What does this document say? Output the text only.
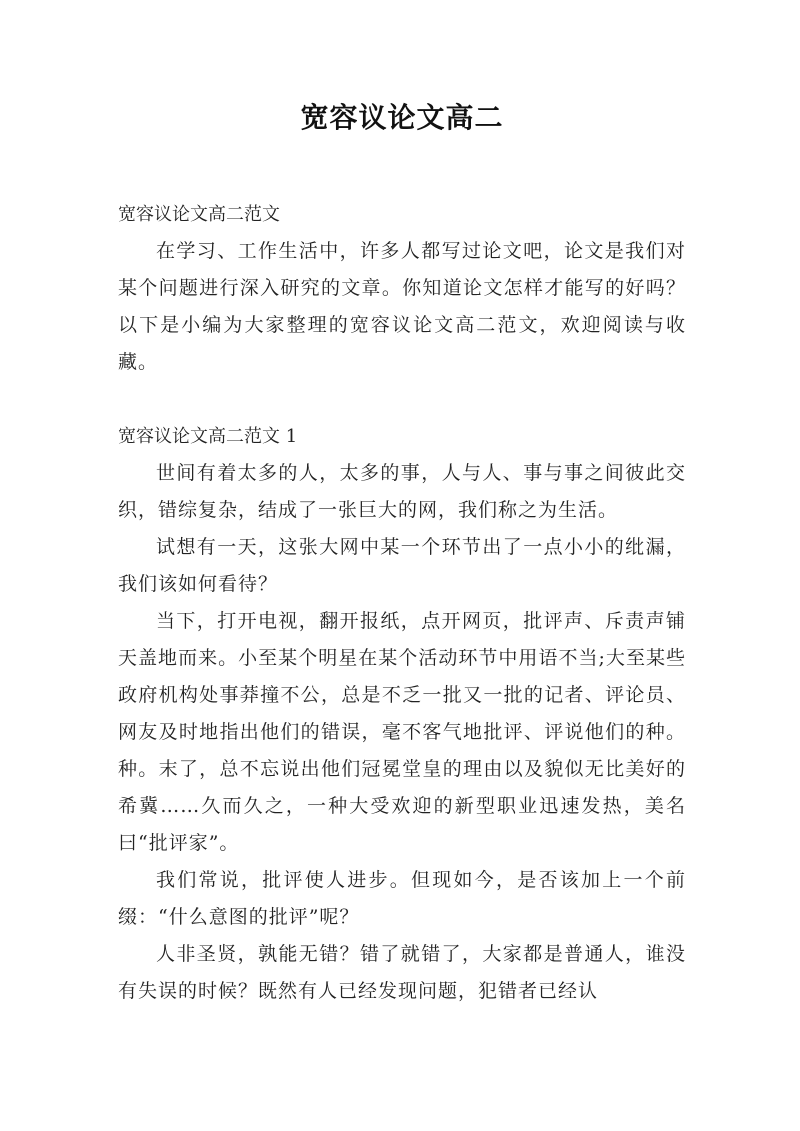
宽容议论文高二

宽容议论文高二范文

在学习、工作生活中，许多人都写过论文吧，论文是我们对某个问题进行深入研究的文章。你知道论文怎样才能写的好吗？以下是小编为大家整理的宽容议论文高二范文，欢迎阅读与收藏。

宽容议论文高二范文 1

世间有着太多的人，太多的事，人与人、事与事之间彼此交织，错综复杂，结成了一张巨大的网，我们称之为生活。

试想有一天，这张大网中某一个环节出了一点小小的纰漏，我们该如何看待？

当下，打开电视，翻开报纸，点开网页，批评声、斥责声铺天盖地而来。小至某个明星在某个活动环节中用语不当;大至某些政府机构处事莽撞不公，总是不乏一批又一批的记者、评论员、网友及时地指出他们的错误，毫不客气地批评、评说他们的种。种。末了，总不忘说出他们冠冕堂皇的理由以及貌似无比美好的希冀……久而久之，一种大受欢迎的新型职业迅速发热，美名曰“批评家”。

我们常说，批评使人进步。但现如今，是否该加上一个前缀：“什么意图的批评”呢？

人非圣贤，孰能无错？错了就错了，大家都是普通人，谁没有失误的时候？既然有人已经发现问题，犯错者已经认
